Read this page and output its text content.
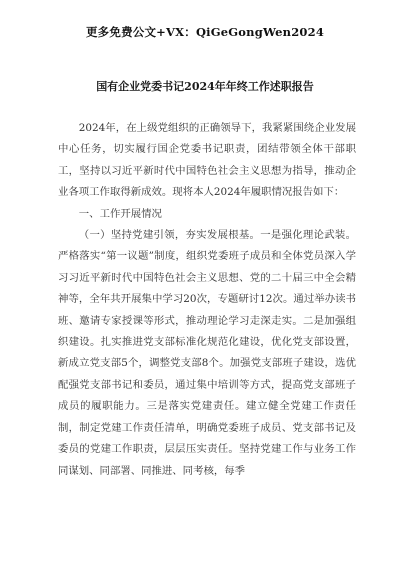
更多免费公文+VX：QiGeGongWen2024
国有企业党委书记2024年年终工作述职报告

2024年，在上级党组织的正确领导下，我紧紧围绕企业发展中心任务，切实履行国企党委书记职责，团结带领全体干部职工，坚持以习近平新时代中国特色社会主义思想为指导，推动企业各项工作取得新成效。现将本人2024年履职情况报告如下：

一、工作开展情况

（一）坚持党建引领，夯实发展根基。一是强化理论武装。严格落实“第一议题”制度，组织党委班子成员和全体党员深入学习习近平新时代中国特色社会主义思想、党的二十届三中全会精神等，全年共开展集中学习20次，专题研讨12次。通过举办读书班、邀请专家授课等形式，推动理论学习走深走实。二是加强组织建设。扎实推进党支部标准化规范化建设，优化党支部设置，新成立党支部5个，调整党支部8个。加强党支部班子建设，选优配强党支部书记和委员，通过集中培训等方式，提高党支部班子成员的履职能力。三是落实党建责任。建立健全党建工作责任制，制定党建工作责任清单，明确党委班子成员、党支部书记及委员的党建工作职责，层层压实责任。坚持党建工作与业务工作同谋划、同部署、同推进、同考核，每季
